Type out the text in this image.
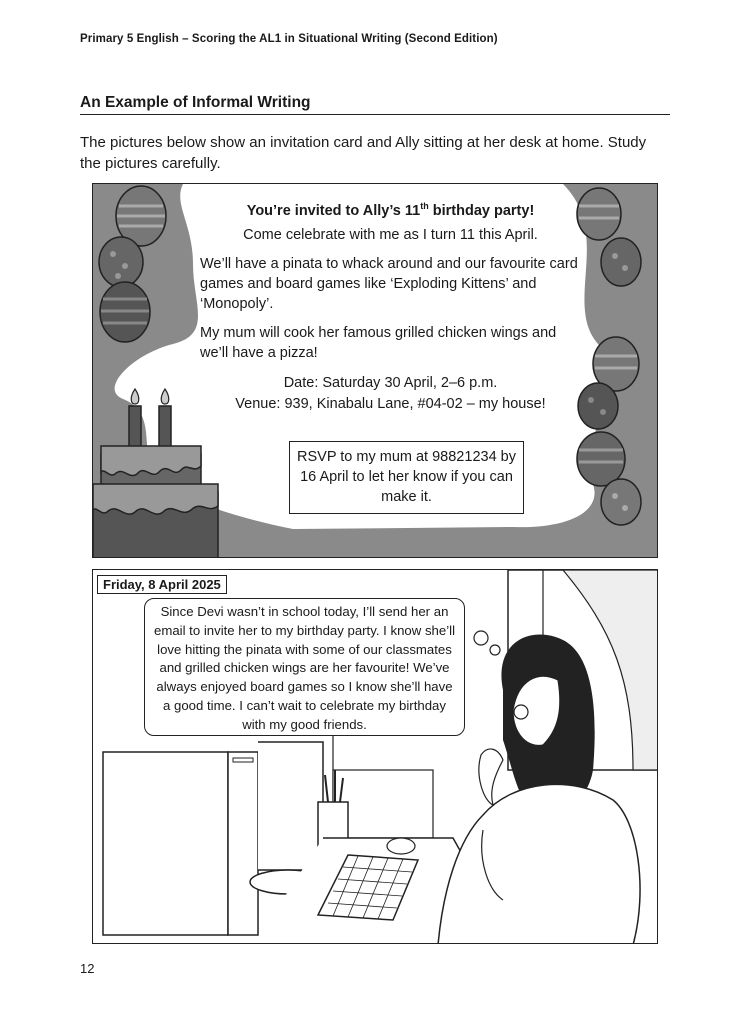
Primary 5 English – Scoring the AL1 in Situational Writing (Second Edition)
An Example of Informal Writing
The pictures below show an invitation card and Ally sitting at her desk at home. Study the pictures carefully.
You’re invited to Ally’s 11th birthday party!
Come celebrate with me as I turn 11 this April.
We’ll have a pinata to whack around and our favourite card games and board games like ‘Exploding Kittens’ and ‘Monopoly’.
My mum will cook her famous grilled chicken wings and we’ll have a pizza!
Date: Saturday 30 April, 2–6 p.m.
Venue: 939, Kinabalu Lane, #04-02 – my house!
RSVP to my mum at 98821234 by 16 April to let her know if you can make it.
Friday, 8 April 2025
Since Devi wasn’t in school today, I’ll send her an email to invite her to my birthday party. I know she’ll love hitting the pinata with some of our classmates and grilled chicken wings are her favourite! We’ve always enjoyed board games so I know she’ll have a good time. I can’t wait to celebrate my birthday with my good friends.
12
